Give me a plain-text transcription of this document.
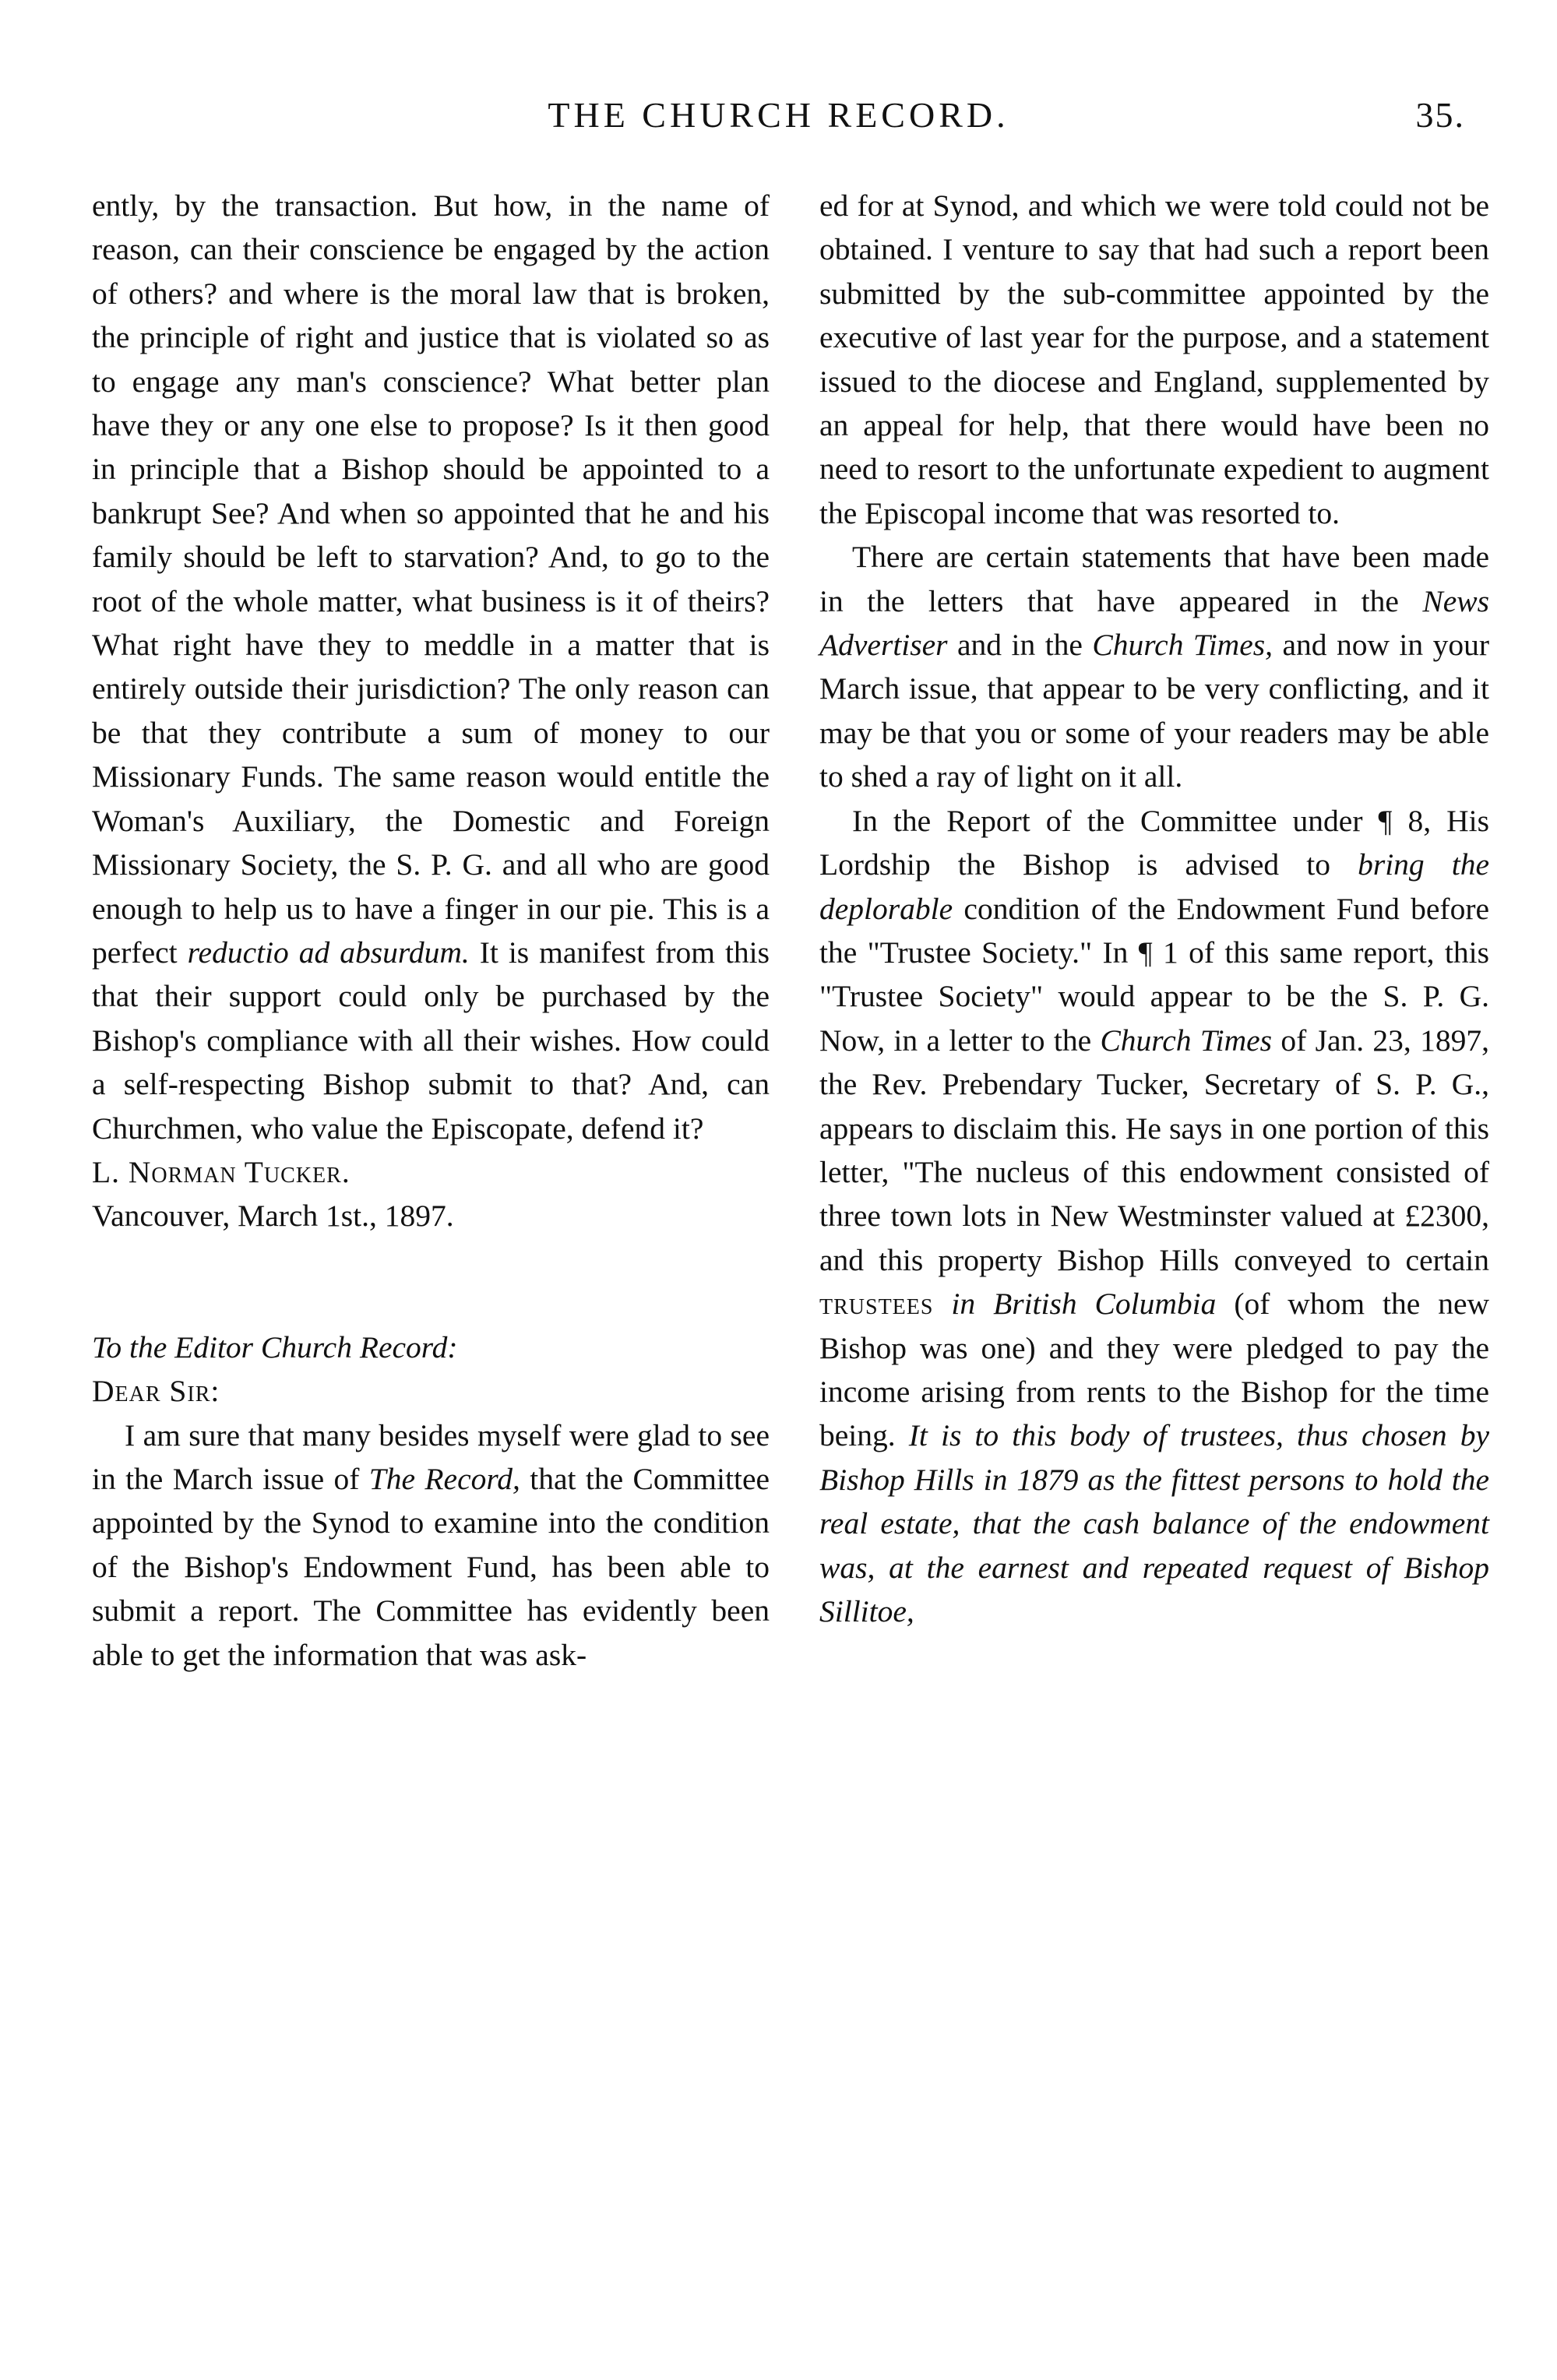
THE CHURCH RECORD.	35.

ently, by the transaction. But how, in the name of reason, can their conscience be engaged by the action of others? and where is the moral law that is broken, the principle of right and justice that is violated so as to engage any man's conscience? What better plan have they or any one else to propose? Is it then good in principle that a Bishop should be appointed to a bankrupt See? And when so appointed that he and his family should be left to starvation? And, to go to the root of the whole matter, what business is it of theirs? What right have they to meddle in a matter that is entirely outside their jurisdiction? The only reason can be that they contribute a sum of money to our Missionary Funds. The same reason would entitle the Woman's Auxiliary, the Domestic and Foreign Missionary Society, the S. P. G. and all who are good enough to help us to have a finger in our pie. This is a perfect reductio ad absurdum. It is manifest from this that their support could only be purchased by the Bishop's compliance with all their wishes. How could a self-respecting Bishop submit to that? And, can Churchmen, who value the Episcopate, defend it?

L. Norman Tucker.

Vancouver, March 1st., 1897.

To the Editor Church Record:

Dear Sir:

I am sure that many besides myself were glad to see in the March issue of The Record, that the Committee appointed by the Synod to examine into the condition of the Bishop's Endowment Fund, has been able to submit a report. The Committee has evidently been able to get the information that was ask-

ed for at Synod, and which we were told could not be obtained. I venture to say that had such a report been submitted by the sub-committee appointed by the executive of last year for the purpose, and a statement issued to the diocese and England, supplemented by an appeal for help, that there would have been no need to resort to the unfortunate expedient to augment the Episcopal income that was resorted to.

There are certain statements that have been made in the letters that have appeared in the News Advertiser and in the Church Times, and now in your March issue, that appear to be very conflicting, and it may be that you or some of your readers may be able to shed a ray of light on it all.

In the Report of the Committee under ¶ 8, His Lordship the Bishop is advised to bring the deplorable condition of the Endowment Fund before the "Trustee Society." In ¶ 1 of this same report, this "Trustee Society" would appear to be the S. P. G. Now, in a letter to the Church Times of Jan. 23, 1897, the Rev. Prebendary Tucker, Secretary of S. P. G., appears to disclaim this. He says in one portion of this letter, "The nucleus of this endowment consisted of three town lots in New Westminster valued at £2300, and this property Bishop Hills conveyed to certain trustees in British Columbia (of whom the new Bishop was one) and they were pledged to pay the income arising from rents to the Bishop for the time being. It is to this body of trustees, thus chosen by Bishop Hills in 1879 as the fittest persons to hold the real estate, that the cash balance of the endowment was, at the earnest and repeated request of Bishop Sillitoe,
